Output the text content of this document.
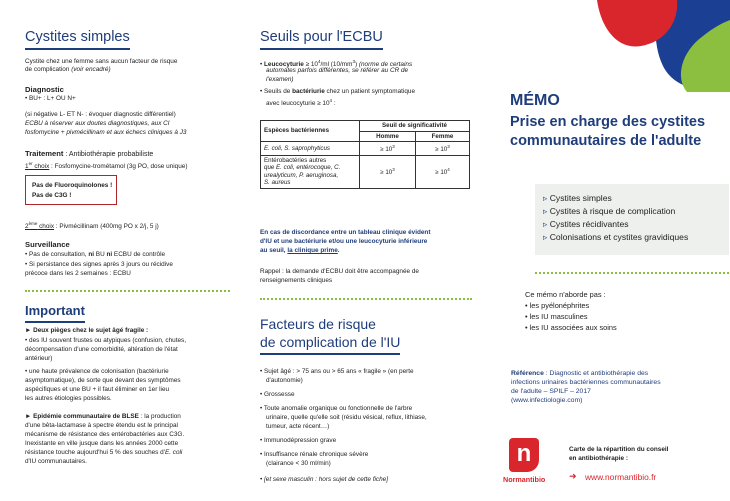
Cystites simples
Cystite chez une femme sans aucun facteur de risque
de complication (voir encadré)
Diagnostic
• BU+ : L+ OU N+
(si négative L- ET N- : évoquer diagnostic différentiel)
ECBU à réserver aux doutes diagnostiques, aux CI
fosfomycine + pivmécillinam et aux échecs cliniques à J3
Traitement : Antibiothérapie probabiliste
1er choix : Fosfomycine-trométamol (3g PO, dose unique)
Pas de Fluoroquinolones !
Pas de C3G !
2ème choix : Pivmécillinam (400mg PO x 2/j, 5 j)
Surveillance
• Pas de consultation, ni BU ni ECBU de contrôle
• Si persistance des signes après 3 jours ou récidive
précoce dans les 2 semaines : ECBU
Important
► Deux pièges chez le sujet âgé fragile :
• des IU souvent frustes ou atypiques (confusion, chutes,
décompensation d'une comorbidité, altération de l'état
antérieur)
• une haute prévalence de colonisation (bactériurie
asymptomatique), de sorte que devant des symptômes
aspécifiques et une BU + il faut éliminer en 1er lieu
les autres étiologies possibles.
► Epidémie communautaire de BLSE : la production
d'une bêta-lactamase à spectre étendu est le principal
mécanisme de résistance des entérobactéries aux C3G.
Inexistante en ville jusque dans les années 2000 cette
résistance touche aujourd'hui 5 % des souches d'E. coli
d'IU communautaires.
Seuils pour l'ECBU
• Leucocyturie ≥ $10^4/ml$ $(10/mm^3)$ (norme de certains
automates parfois différentes, se référer au CR de
l'examen)
• Seuils de bactériurie chez un patient symptomatique
avec leucocyturie ≥ $10^4$ :
Espèces bactériennes	Seuil de significativité	
	Homme	Femme
E. coli, S. saprophyticus	≥ $10^3$	≥ $10^3$

Entérobactéries autres
que E. coli, entérocoque, C.
urealyticum, P. aeruginosa,
S. aureus	≥ $10^3$	≥ $10^4$
En cas de discordance entre un tableau clinique évident
d'IU et une bactériurie et/ou une leucocyturie inférieure
au seuil, la clinique prime.
Rappel : la demande d'ECBU doit être accompagnée de
renseignements cliniques
Facteurs de risque
de complication de l'IU
• Sujet âgé : > 75 ans ou > 65 ans « fragile » (en perte
d'autonomie)
• Grossesse
• Toute anomalie organique ou fonctionnelle de l'arbre
urinaire, quelle qu'elle soit (résidu vésical, reflux, lithiase,
tumeur, acte récent…)
• Immunodépression grave
• Insuffisance rénale chronique sévère
(clairance < 30 ml/min)
• [et sexe masculin : hors sujet de cette fiche]
MÉMO
Prise en charge des cystites
communautaires de l'adulte
▹ Cystites simples
▹ Cystites à risque de complication
▹ Cystites récidivantes
▹ Colonisations et cystites gravidiques
Ce mémo n'aborde pas :
• les pyélonéphrites
• les IU masculines
• les IU associées aux soins
Référence : Diagnostic et antibiothérapie des
infections urinaires bactériennes communautaires
de l'adulte – SPILF – 2017
(www.infectiologie.com)
n
Normantibio
Carte de la répartition du conseil
en antibiothérapie :
➜ www.normantibio.fr
